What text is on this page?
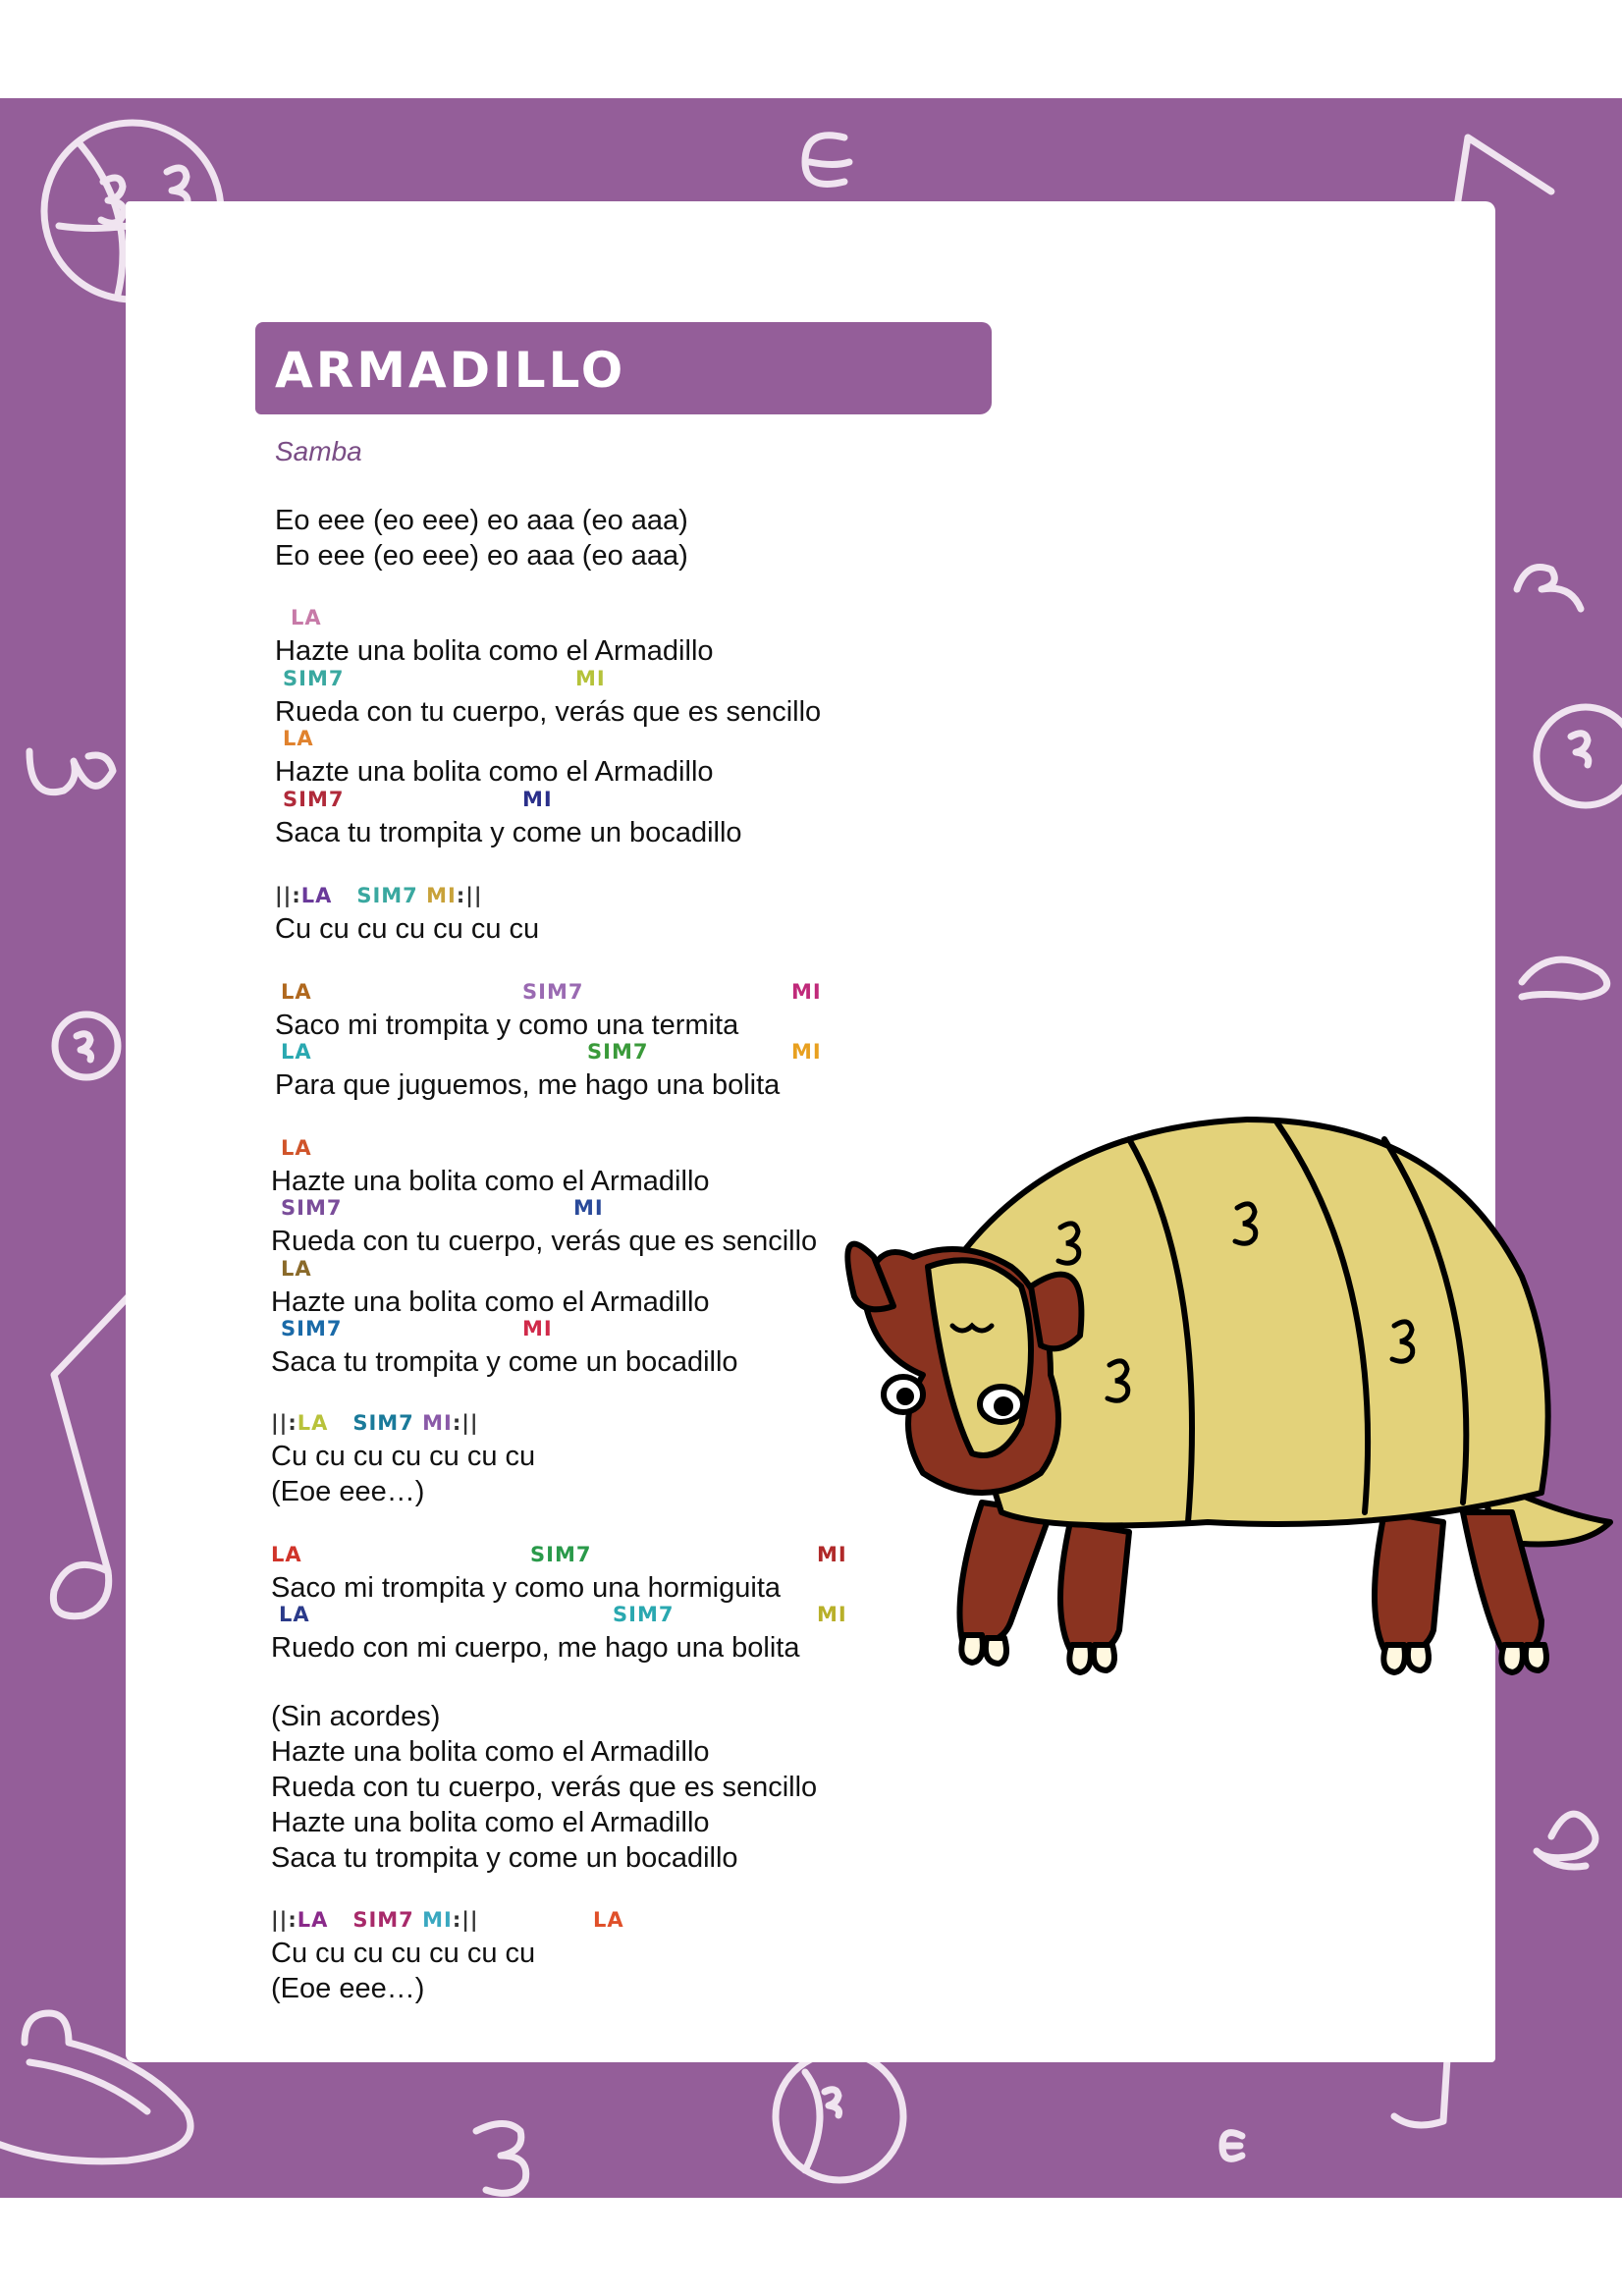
ARMADILLO
Samba
Eo eee (eo eee) eo aaa (eo aaa)
Eo eee (eo eee) eo aaa (eo aaa)
LA
Hazte una bolita como el Armadillo
SIM7	MI
Rueda con tu cuerpo, verás que es sencillo
LA
Hazte una bolita como el Armadillo
SIM7	MI
Saca tu trompita y come un bocadillo
||:LA SIM7 MI:||
Cu cu cu cu cu cu cu
LA	SIM7	MI
Saco mi trompita y como una termita
LA	SIM7	MI
Para que juguemos, me hago una bolita
LA
Hazte una bolita como el Armadillo
SIM7	MI
Rueda con tu cuerpo, verás que es sencillo
LA
Hazte una bolita como el Armadillo
SIM7	MI
Saca tu trompita y come un bocadillo
||:LA SIM7 MI:||
Cu cu cu cu cu cu cu
(Eoe eee…)
LA	SIM7	MI
Saco mi trompita y como una hormiguita
LA	SIM7	MI
Ruedo con mi cuerpo, me hago una bolita
(Sin acordes)
Hazte una bolita como el Armadillo
Rueda con tu cuerpo, verás que es sencillo
Hazte una bolita como el Armadillo
Saca tu trompita y come un bocadillo
||:LA SIM7 MI:||	LA
Cu cu cu cu cu cu cu
(Eoe eee…)
